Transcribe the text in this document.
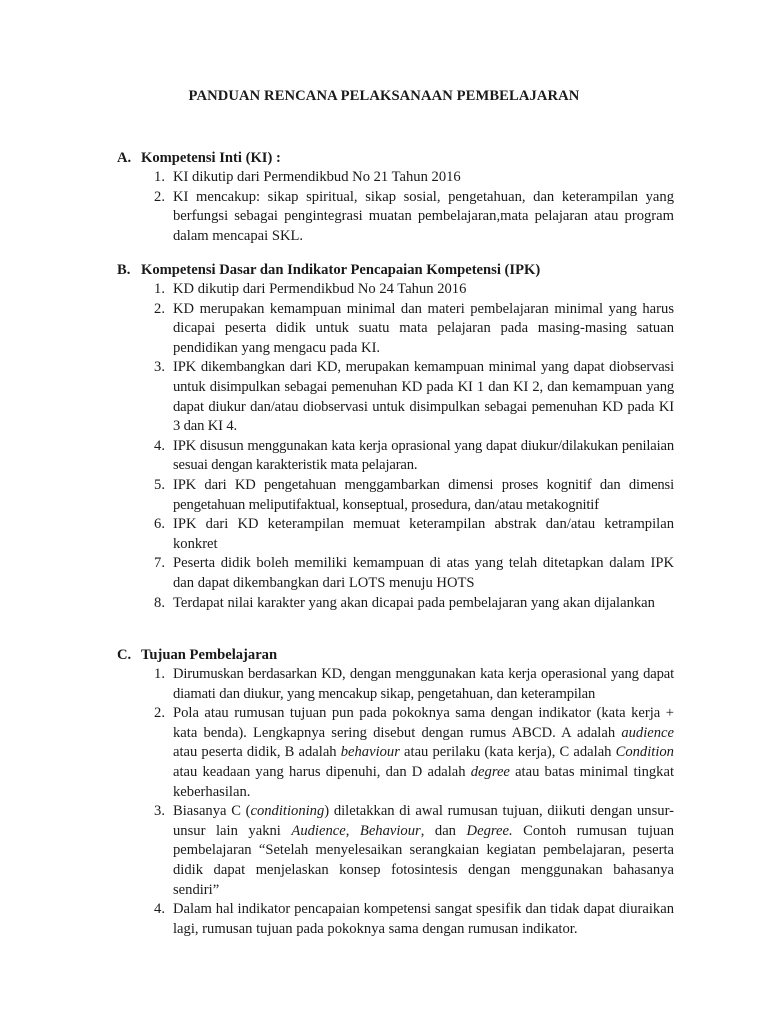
PANDUAN RENCANA PELAKSANAAN PEMBELAJARAN
A. Kompetensi Inti (KI) :
1. KI dikutip dari Permendikbud No 21 Tahun 2016
2. KI mencakup: sikap spiritual, sikap sosial, pengetahuan, dan keterampilan yang berfungsi sebagai pengintegrasi muatan pembelajaran,mata pelajaran atau program dalam mencapai SKL.
B. Kompetensi Dasar dan Indikator Pencapaian Kompetensi (IPK)
1. KD dikutip dari Permendikbud No 24 Tahun 2016
2. KD merupakan kemampuan minimal dan materi pembelajaran minimal yang harus dicapai peserta didik untuk suatu mata pelajaran pada masing-masing satuan pendidikan yang mengacu pada KI.
3. IPK dikembangkan dari KD, merupakan kemampuan minimal yang dapat diobservasi untuk disimpulkan sebagai pemenuhan KD pada KI 1 dan KI 2, dan kemampuan yang dapat diukur dan/atau diobservasi untuk disimpulkan sebagai pemenuhan KD pada KI 3 dan KI 4.
4. IPK disusun menggunakan kata kerja oprasional yang dapat diukur/dilakukan penilaian sesuai dengan karakteristik mata pelajaran.
5. IPK dari KD pengetahuan menggambarkan dimensi proses kognitif dan dimensi pengetahuan meliputifaktual, konseptual, prosedura, dan/atau metakognitif
6. IPK dari KD keterampilan memuat keterampilan abstrak dan/atau ketrampilan konkret
7. Peserta didik boleh memiliki kemampuan di atas yang telah ditetapkan dalam IPK dan dapat dikembangkan dari LOTS menuju HOTS
8. Terdapat nilai karakter yang akan dicapai pada pembelajaran yang akan dijalankan
C. Tujuan Pembelajaran
1. Dirumuskan berdasarkan KD, dengan menggunakan kata kerja operasional yang dapat diamati dan diukur, yang mencakup sikap, pengetahuan, dan keterampilan
2. Pola atau rumusan tujuan pun pada pokoknya sama dengan indikator (kata kerja + kata benda). Lengkapnya sering disebut dengan rumus ABCD. A adalah audience atau peserta didik, B adalah behaviour atau perilaku (kata kerja), C adalah Condition atau keadaan yang harus dipenuhi, dan D adalah degree atau batas minimal tingkat keberhasilan.
3. Biasanya C (conditioning) diletakkan di awal rumusan tujuan, diikuti dengan unsur-unsur lain yakni Audience, Behaviour, dan Degree. Contoh rumusan tujuan pembelajaran “Setelah menyelesaikan serangkaian kegiatan pembelajaran, peserta didik dapat menjelaskan konsep fotosintesis dengan menggunakan bahasanya sendiri”
4. Dalam hal indikator pencapaian kompetensi sangat spesifik dan tidak dapat diuraikan lagi, rumusan tujuan pada pokoknya sama dengan rumusan indikator.
